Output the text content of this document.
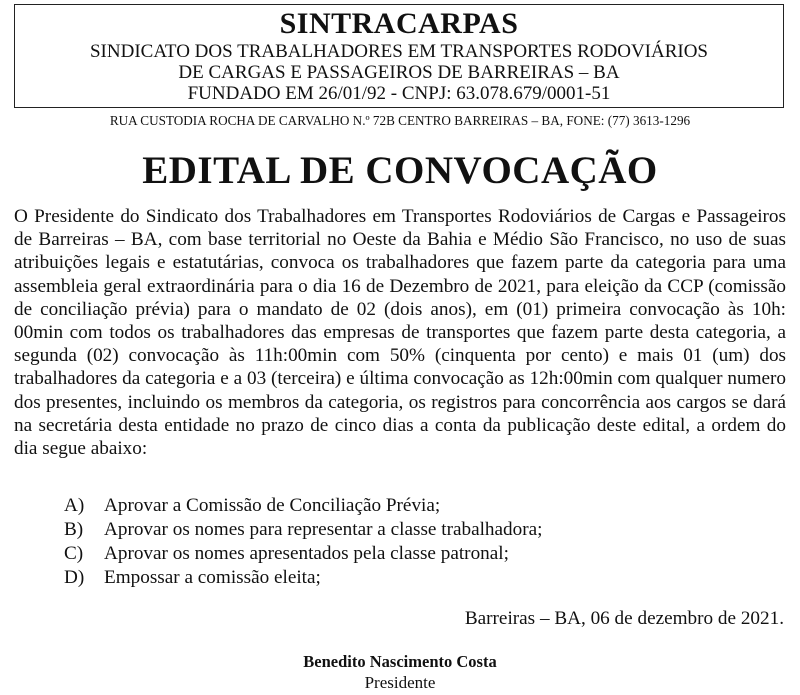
SINTRACARPAS
SINDICATO DOS TRABALHADORES EM TRANSPORTES RODOVIÁRIOS
DE CARGAS E PASSAGEIROS DE BARREIRAS – BA
FUNDADO EM 26/01/92 - CNPJ: 63.078.679/0001-51
RUA CUSTODIA ROCHA DE CARVALHO N.º 72B CENTRO BARREIRAS – BA, FONE: (77) 3613-1296
EDITAL DE CONVOCAÇÃO

O Presidente do Sindicato dos Trabalhadores em Transportes Rodoviários de Cargas e Passageiros de Barreiras – BA, com base territorial no Oeste da Bahia e Médio São Francisco, no uso de suas atribuições legais e estatutárias, convoca os trabalhadores que fazem parte da categoria para uma assembleia geral extraordinária para o dia 16 de Dezembro de 2021, para eleição da CCP (comissão de conciliação prévia) para o mandato de 02 (dois anos), em (01) primeira convocação às 10h: 00min com todos os trabalhadores das empresas de transportes que fazem parte desta categoria, a segunda (02) convocação às 11h:00min com 50% (cinquenta por cento) e mais 01 (um) dos trabalhadores da categoria e a 03 (terceira) e última convocação as 12h:00min com qualquer numero dos presentes, incluindo os membros da categoria, os registros para concorrência aos cargos se dará na secretária desta entidade no prazo de cinco dias a conta da publicação deste edital, a ordem do dia segue abaixo:

A)	Aprovar a Comissão de Conciliação Prévia;
B)	Aprovar os nomes para representar a classe trabalhadora;
C)	Aprovar os nomes apresentados pela classe patronal;
D)	Empossar a comissão eleita;
Barreiras – BA, 06 de dezembro de 2021.
Benedito Nascimento Costa
Presidente
